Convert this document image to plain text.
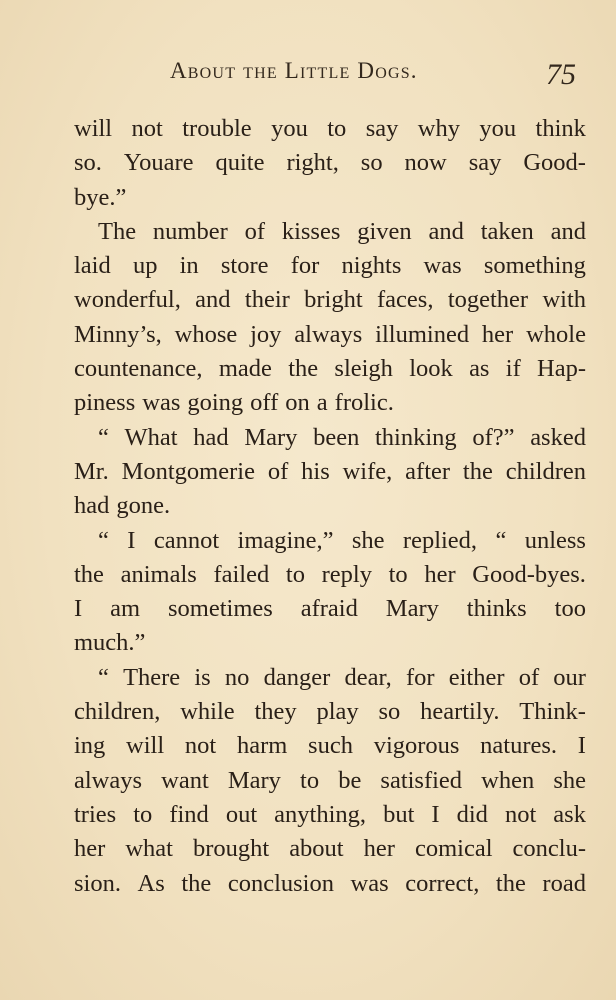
About the Little Dogs.	75
will not trouble you to say why you think
so. Youare quite right, so now say Good-
bye.”
The number of kisses given and taken and
laid up in store for nights was something
wonderful, and their bright faces, together with
Minny’s, whose joy always illumined her whole
countenance, made the sleigh look as if Hap-
piness was going off on a frolic.
“ What had Mary been thinking of?” asked
Mr. Montgomerie of his wife, after the children
had gone.
“ I cannot imagine,” she replied, “ unless
the animals failed to reply to her Good-byes.
I am sometimes afraid Mary thinks too
much.”
“ There is no danger dear, for either of our
children, while they play so heartily. Think-
ing will not harm such vigorous natures. I
always want Mary to be satisfied when she
tries to find out anything, but I did not ask
her what brought about her comical conclu-
sion. As the conclusion was correct, the road
